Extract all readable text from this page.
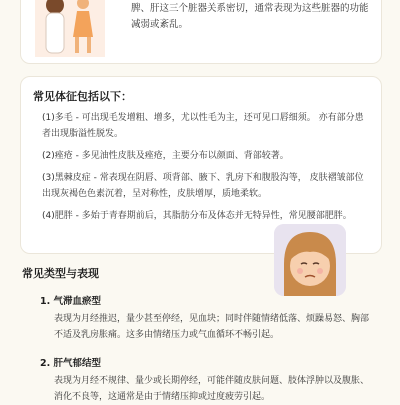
脾、肝这三个脏器关系密切，通常表现为这些脏器的功能减弱或紊乱。
常见体征包括以下：
(1)多毛 - 可出现毛发增粗、增多，尤以性毛为主，还可见口唇细须。 亦有部分患者出现脂溢性脱发。
(2)痤疮 - 多见油性皮肤及痤疮，主要分布以颜面、背部较著。
(3)黑棘皮症 - 常表现在阴唇、项背部、腋下、乳房下和腹股沟等， 皮肤褶皱部位出现灰褐色色素沉着，呈对称性，皮肤增厚，质地柔软。
(4)肥胖 - 多始于青春期前后，其脂肪分布及体态并无特异性，常见腰部肥胖。
常见类型与表现
1. 气滞血瘀型
表现为月经推迟，量少甚至停经，见血块；同时伴随情绪低落、烦躁易怒、胸部不适及乳房胀痛。这多由情绪压力或气血循环不畅引起。
2. 肝气郁结型
表现为月经不规律、量少或长期停经，可能伴随皮肤问题、肢体浮肿以及腹胀、消化不良等，这通常是由于情绪压抑或过度疲劳引起。
